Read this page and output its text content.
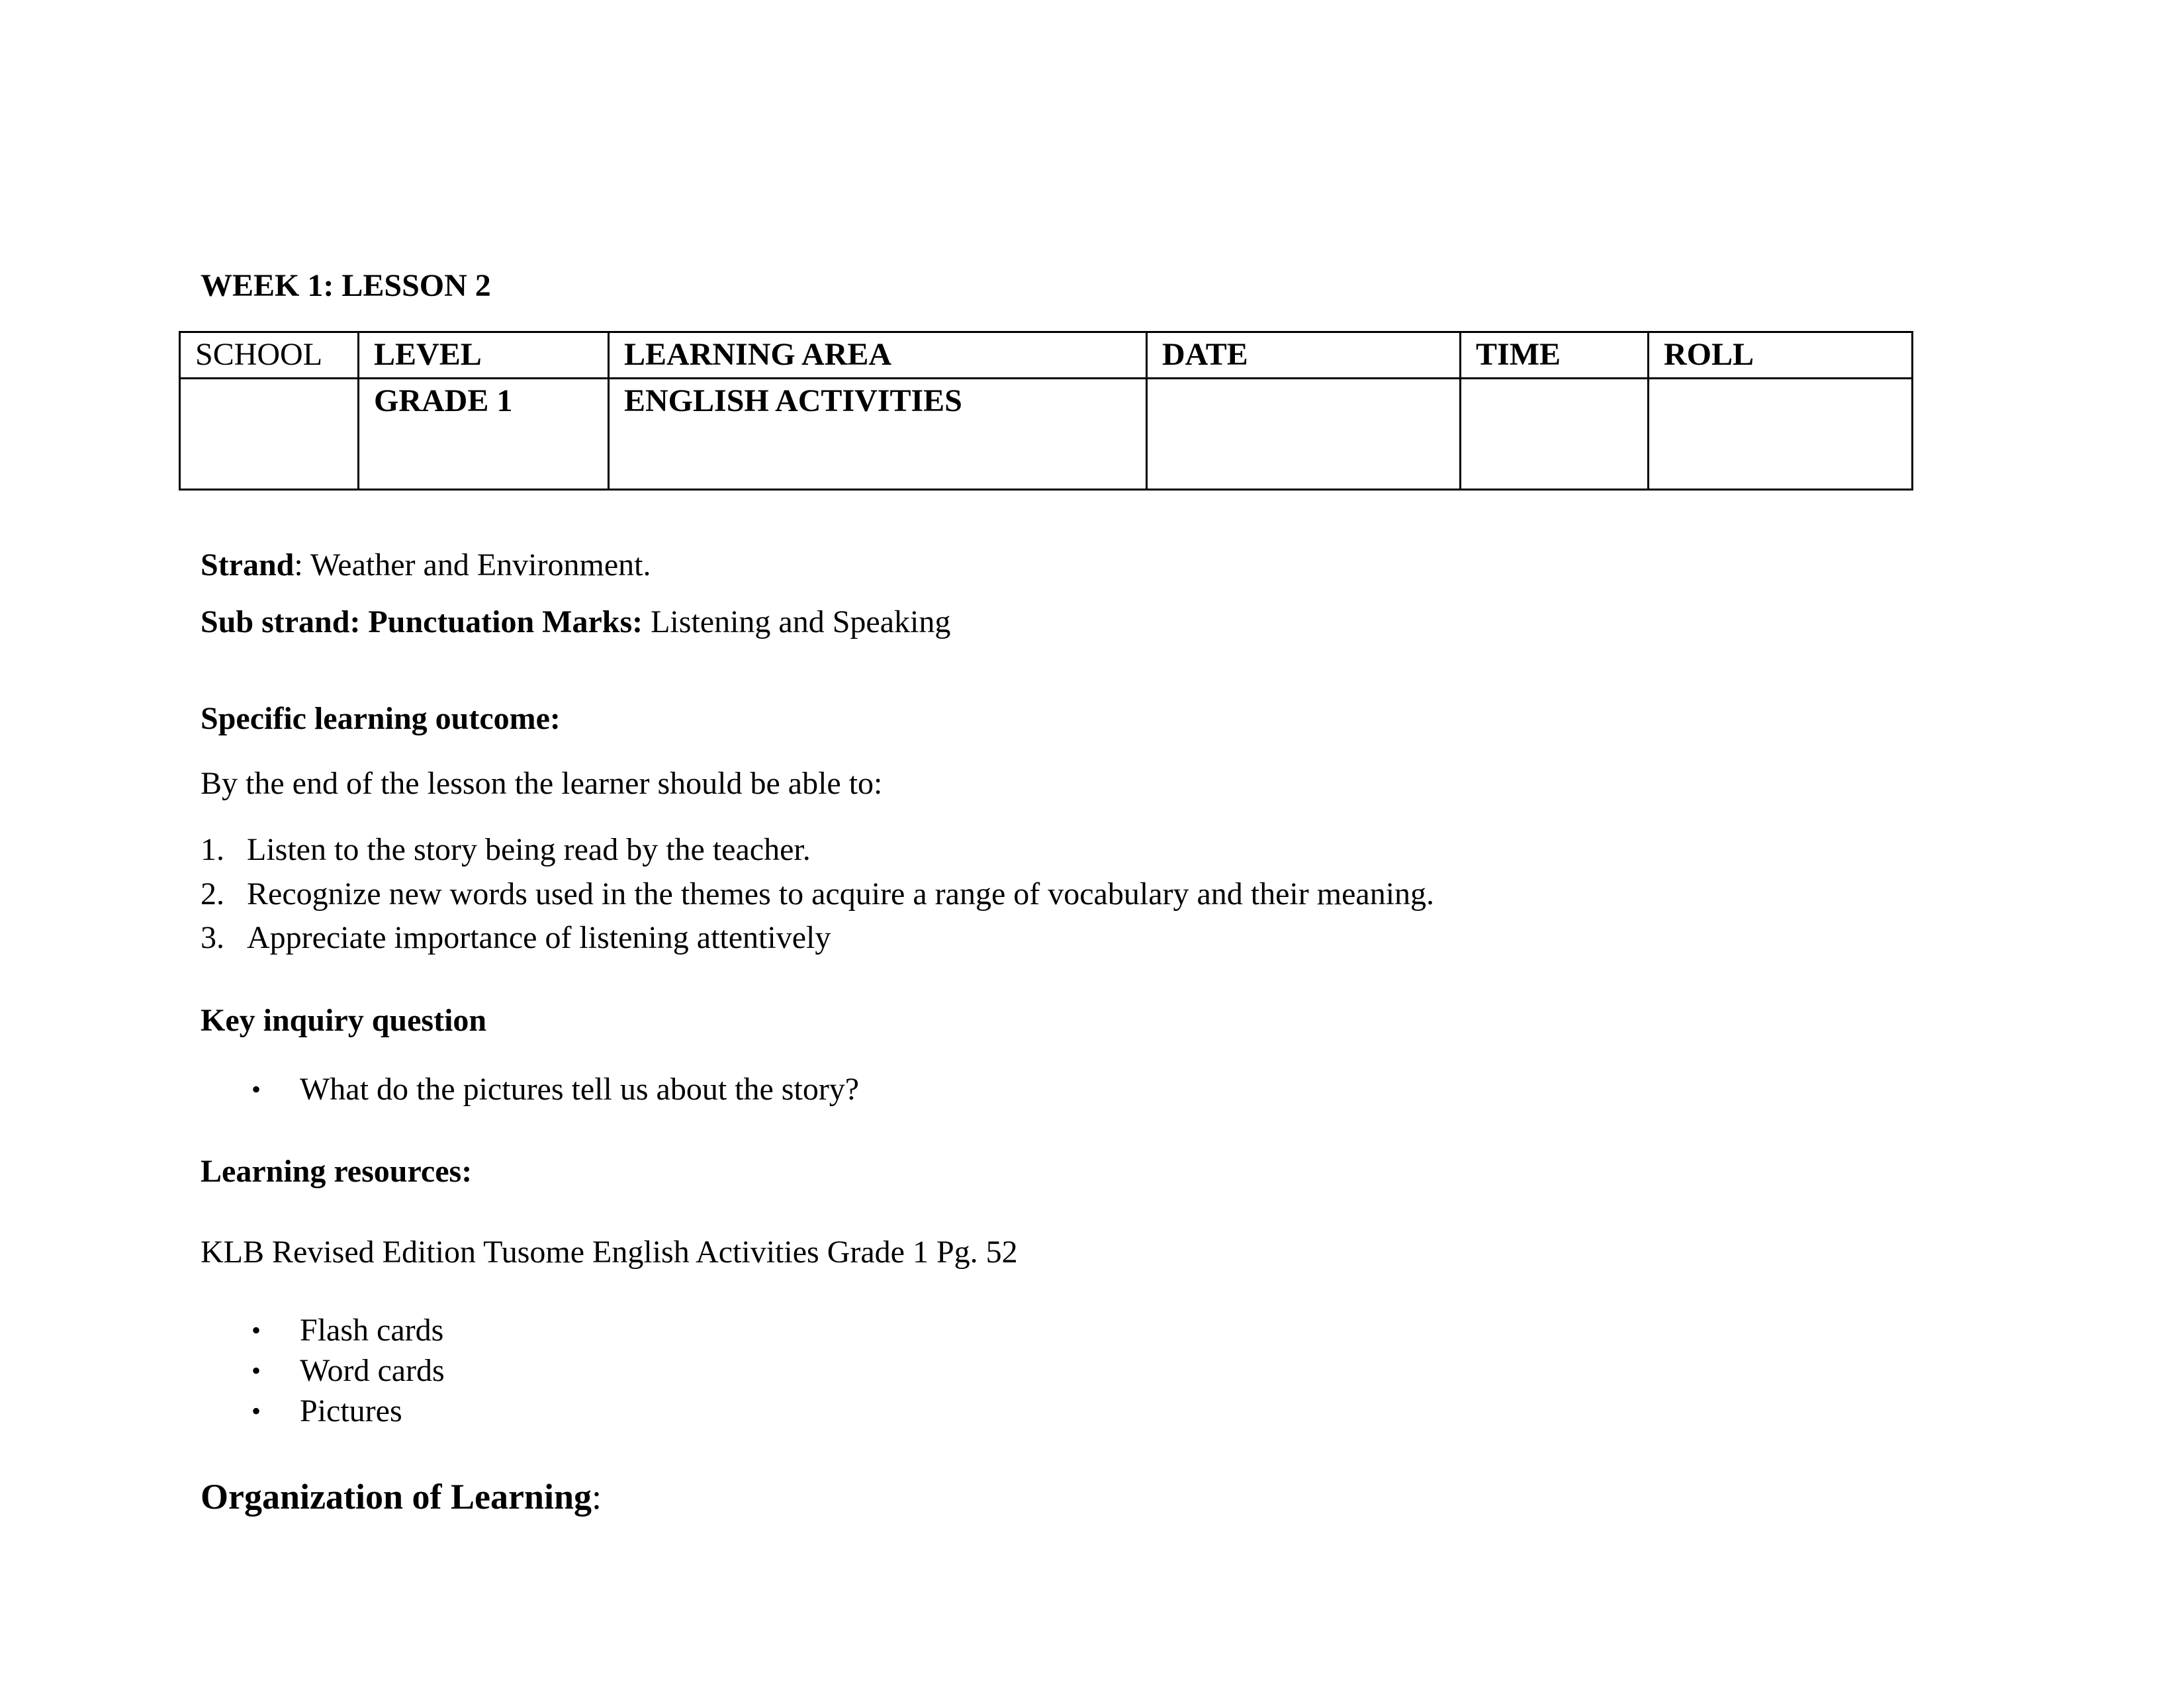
WEEK 1: LESSON 2
SCHOOL	LEVEL	LEARNING AREA	DATE	TIME	ROLL
	GRADE 1	ENGLISH ACTIVITIES			
Strand: Weather and Environment.
Sub strand: Punctuation Marks: Listening and Speaking
Specific learning outcome:
By the end of the lesson the learner should be able to:
1. Listen to the story being read by the teacher.
2. Recognize new words used in the themes to acquire a range of vocabulary and their meaning.
3. Appreciate importance of listening attentively
Key inquiry question
• What do the pictures tell us about the story?
Learning resources:
KLB Revised Edition Tusome English Activities Grade 1 Pg. 52
• Flash cards
• Word cards
• Pictures
Organization of Learning:
